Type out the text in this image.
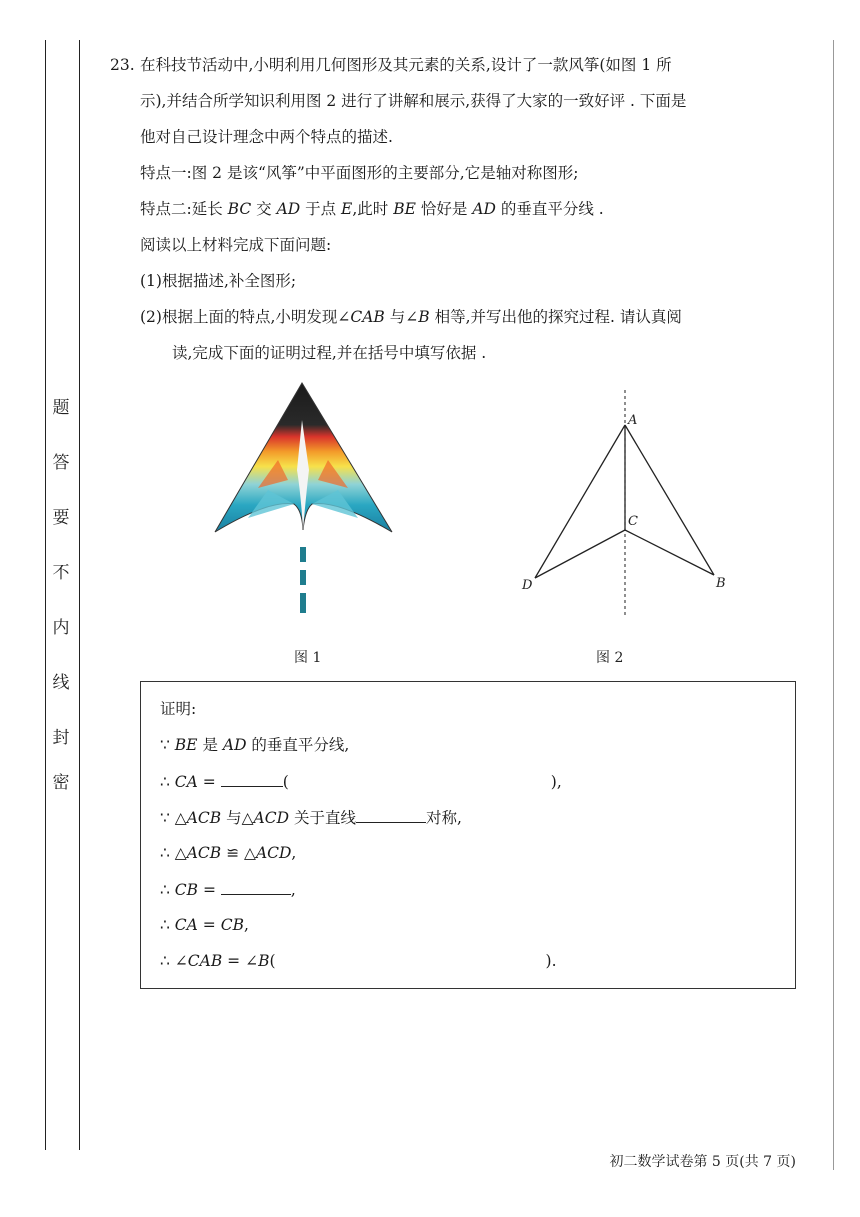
题
答
要
不
内
线
封
密
23. 在科技节活动中,小明利用几何图形及其元素的关系,设计了一款风筝(如图 1 所
示),并结合所学知识利用图 2 进行了讲解和展示,获得了大家的一致好评 . 下面是
他对自己设计理念中两个特点的描述.
特点一:图 2 是该“风筝”中平面图形的主要部分,它是轴对称图形;
特点二:延长 BC 交 AD 于点 E,此时 BE 恰好是 AD 的垂直平分线 .
阅读以上材料完成下面问题:
(1)根据描述,补全图形;
(2)根据上面的特点,小明发现∠CAB 与∠B 相等,并写出他的探究过程. 请认真阅
读,完成下面的证明过程,并在括号中填写依据 .
图 1
A
C
D	B
图 2
证明:
∵ BE 是 AD 的垂直平分线,
∴ CA =	(	),
∵ △ACB 与△ACD 关于直线	对称,
∴ △ACB ≌ △ACD,
∴ CB =	,
∴ CA = CB,
∴ ∠CAB = ∠B(	).
初二数学试卷第 5 页(共 7 页)
